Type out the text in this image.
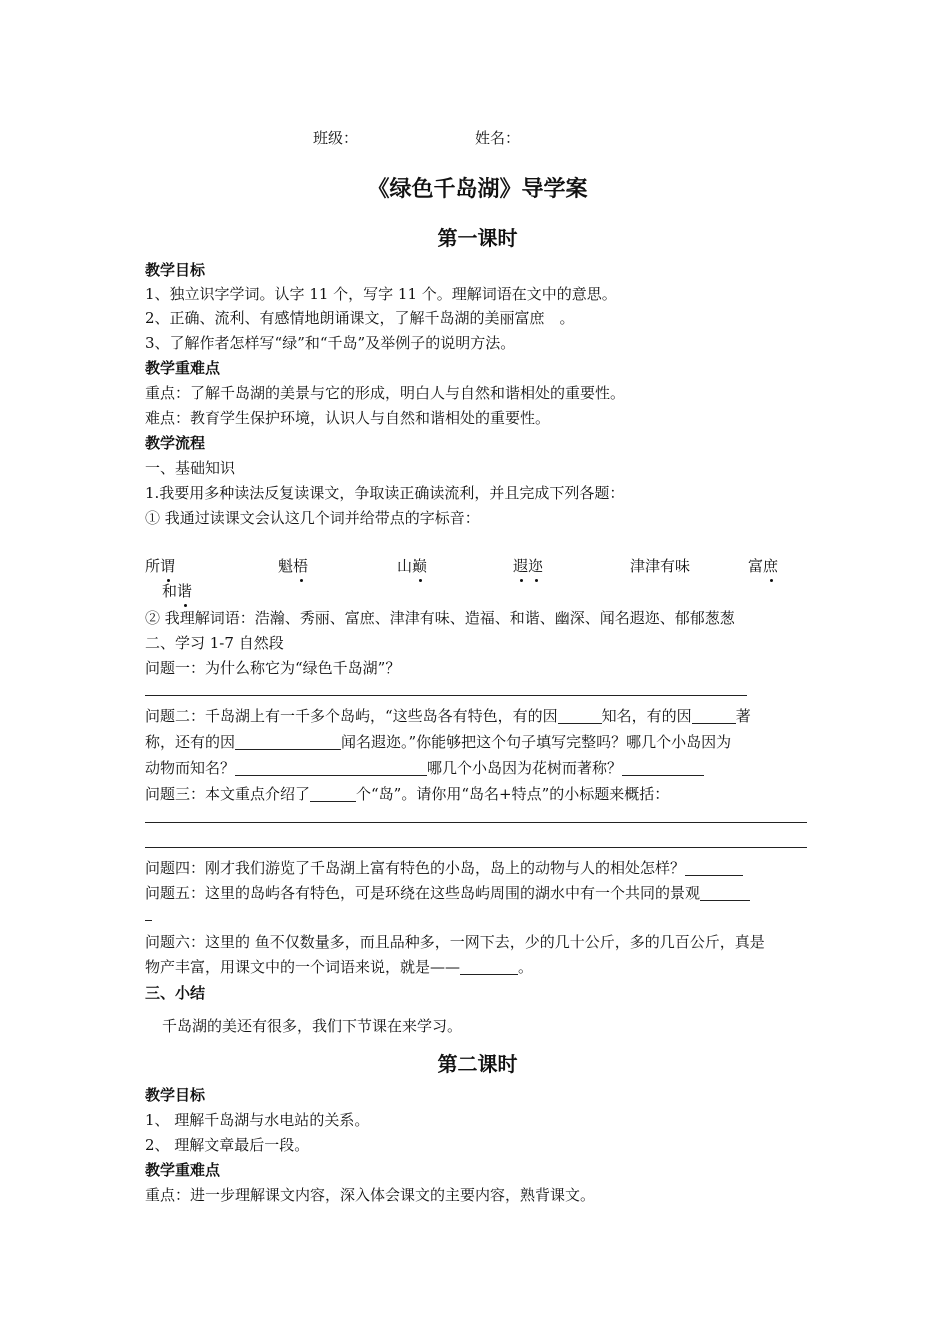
班级：	姓名：
《绿色千岛湖》导学案
第一课时
教学目标
1、独立识字学词。认字 11 个，写字 11 个。理解词语在文中的意思。
2、正确、流利、有感情地朗诵课文，了解千岛湖的美丽富庶　。
3、了解作者怎样写“绿”和“千岛”及举例子的说明方法。
教学重难点
重点：了解千岛湖的美景与它的形成，明白人与自然和谐相处的重要性。
难点：教育学生保护环境，认识人与自然和谐相处的重要性。
教学流程
一、基础知识
1.我要用多种读法反复读课文，争取读正确读流利，并且完成下列各题：
① 我通过读课文会认这几个词并给带点的字标音：
所谓	魁梧	山巅	遐迩	津津有味	富庶
和谐
② 我理解词语：浩瀚、秀丽、富庶、津津有味、造福、和谐、幽深、闻名遐迩、郁郁葱葱
二、学习 1-7 自然段
问题一：为什么称它为“绿色千岛湖”？
问题二：千岛湖上有一千多个岛屿，“这些岛各有特色，有的因	知名，有的因	著
称，还有的因	闻名遐迩。”你能够把这个句子填写完整吗？哪几个小岛因为
动物而知名？	哪几个小岛因为花树而著称？
问题三：本文重点介绍了	个“岛”。请你用“岛名+特点”的小标题来概括：
问题四：刚才我们游览了千岛湖上富有特色的小岛，岛上的动物与人的相处怎样？
问题五：这里的岛屿各有特色，可是环绕在这些岛屿周围的湖水中有一个共同的景观
问题六：这里的 鱼不仅数量多，而且品种多，一网下去，少的几十公斤，多的几百公斤，真是
物产丰富，用课文中的一个词语来说，就是——	。
三、小结
千岛湖的美还有很多，我们下节课在来学习。
第二课时
教学目标
1、 理解千岛湖与水电站的关系。
2、 理解文章最后一段。
教学重难点
重点：进一步理解课文内容，深入体会课文的主要内容，熟背课文。
